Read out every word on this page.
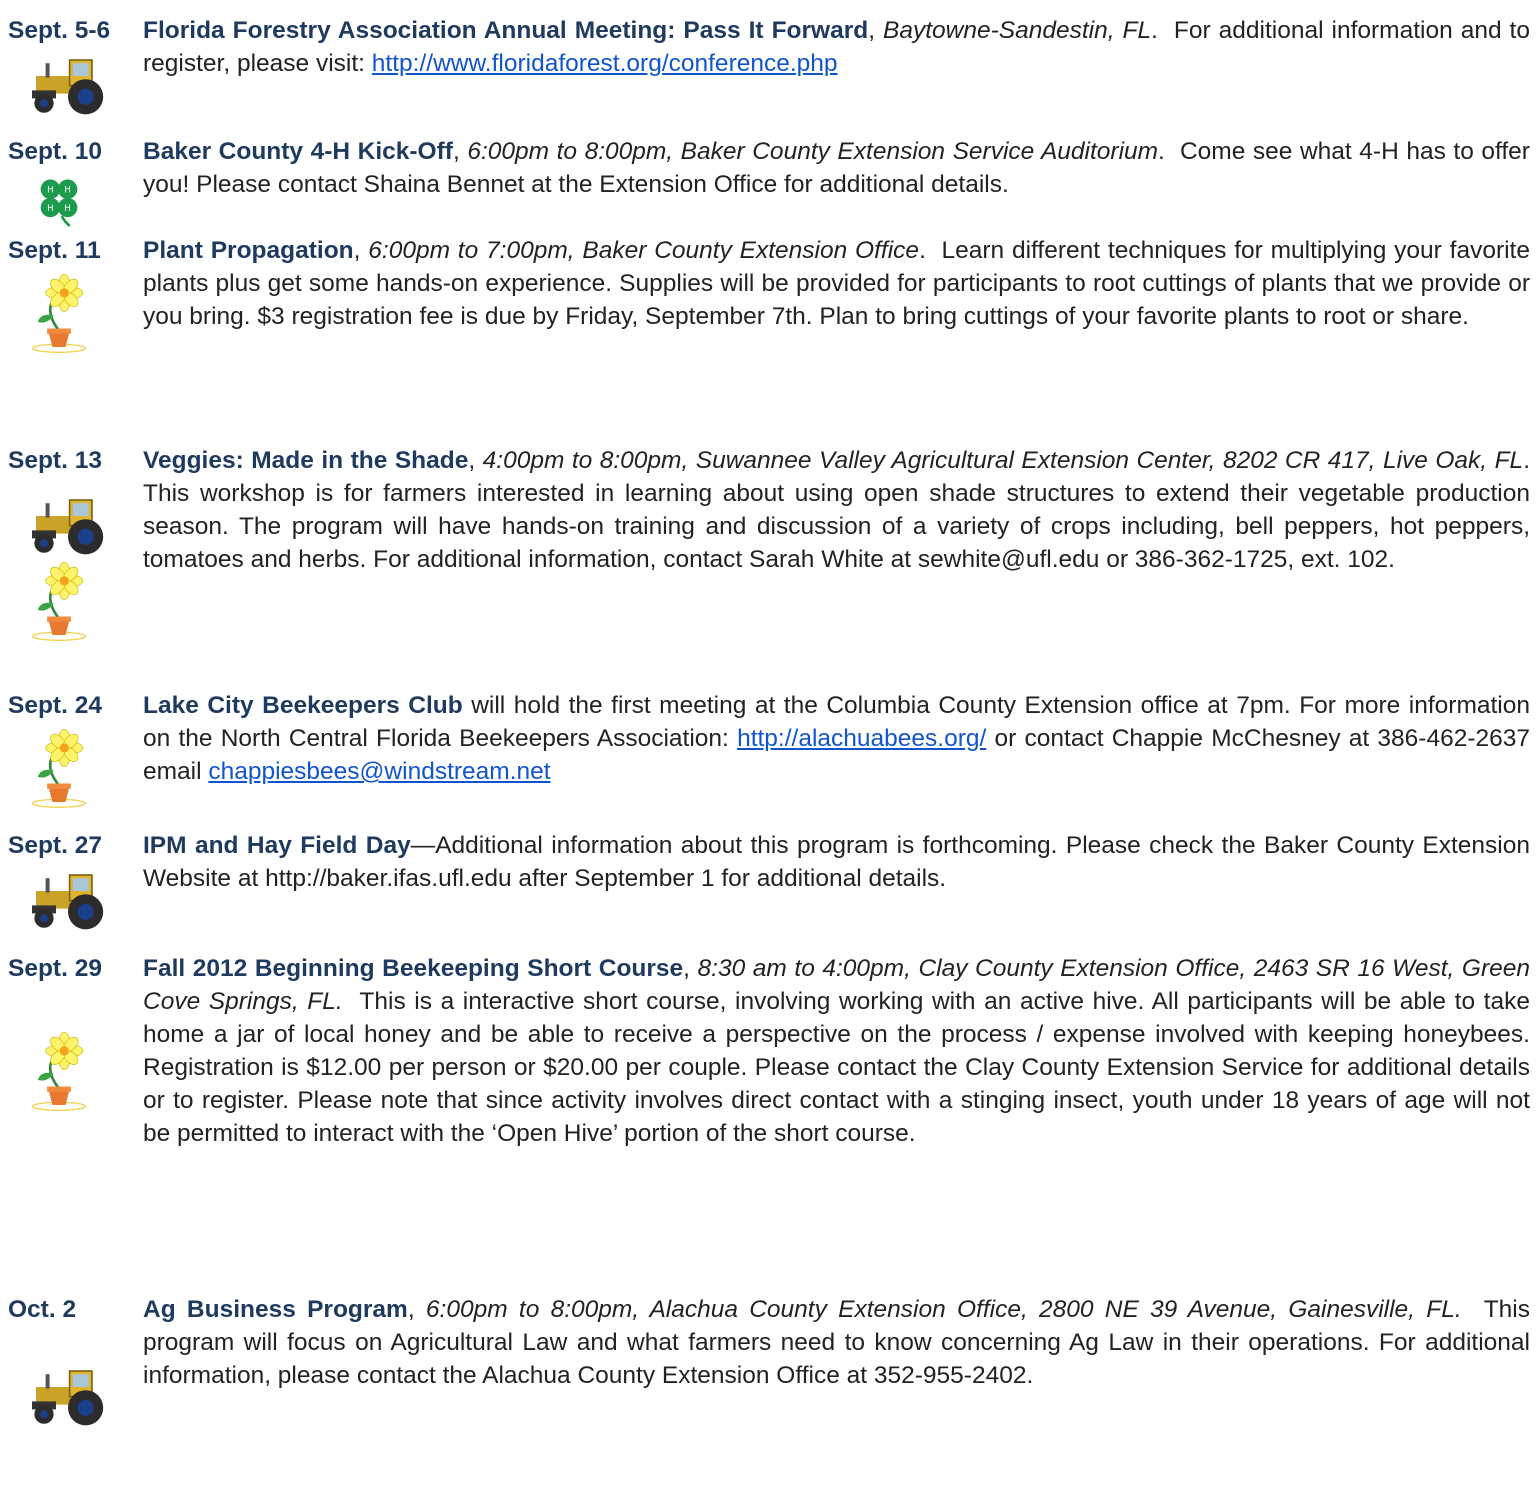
Sept. 5-6	Florida Forestry Association Annual Meeting: Pass It Forward, Baytowne-Sandestin, FL.  For additional information and to register, please visit: http://www.floridaforest.org/conference.php
Sept. 10	Baker County 4-H Kick-Off, 6:00pm to 8:00pm, Baker County Extension Service Auditorium.  Come see what 4-H has to offer you! Please contact Shaina Bennet at the Extension Office for additional details.
Sept. 11	Plant Propagation, 6:00pm to 7:00pm, Baker County Extension Office.  Learn different techniques for multiplying your favorite plants plus get some hands-on experience. Supplies will be provided for participants to root cuttings of plants that we provide or you bring. $3 registration fee is due by Friday, September 7th. Plan to bring cuttings of your favorite plants to root or share.
Sept. 13	Veggies: Made in the Shade, 4:00pm to 8:00pm, Suwannee Valley Agricultural Extension Center, 8202 CR 417, Live Oak, FL. This workshop is for farmers interested in learning about using open shade structures to extend their vegetable production season. The program will have hands-on training and discussion of a variety of crops including, bell peppers, hot peppers, tomatoes and herbs. For additional information, contact Sarah White at sewhite@ufl.edu or 386-362-1725, ext. 102.
Sept. 24	Lake City Beekeepers Club will hold the first meeting at the Columbia County Extension office at 7pm. For more information on the North Central Florida Beekeepers Association: http://alachuabees.org/ or contact Chappie McChesney at 386-462-2637 email chappiesbees@windstream.net
Sept. 27	IPM and Hay Field Day—Additional information about this program is forthcoming. Please check the Baker County Extension Website at http://baker.ifas.ufl.edu after September 1 for additional details.
Sept. 29	Fall 2012 Beginning Beekeeping Short Course, 8:30 am to 4:00pm, Clay County Extension Office, 2463 SR 16 West, Green Cove Springs, FL. This is a interactive short course, involving working with an active hive. All participants will be able to take home a jar of local honey and be able to receive a perspective on the process / expense involved with keeping honeybees. Registration is $12.00 per person or $20.00 per couple. Please contact the Clay County Extension Service for additional details or to register. Please note that since activity involves direct contact with a stinging insect, youth under 18 years of age will not be permitted to interact with the ‘Open Hive’ portion of the short course.
Oct. 2	Ag Business Program, 6:00pm to 8:00pm, Alachua County Extension Office, 2800 NE 39 Avenue, Gainesville, FL. This program will focus on Agricultural Law and what farmers need to know concerning Ag Law in their operations. For additional information, please contact the Alachua County Extension Office at 352-955-2402.
